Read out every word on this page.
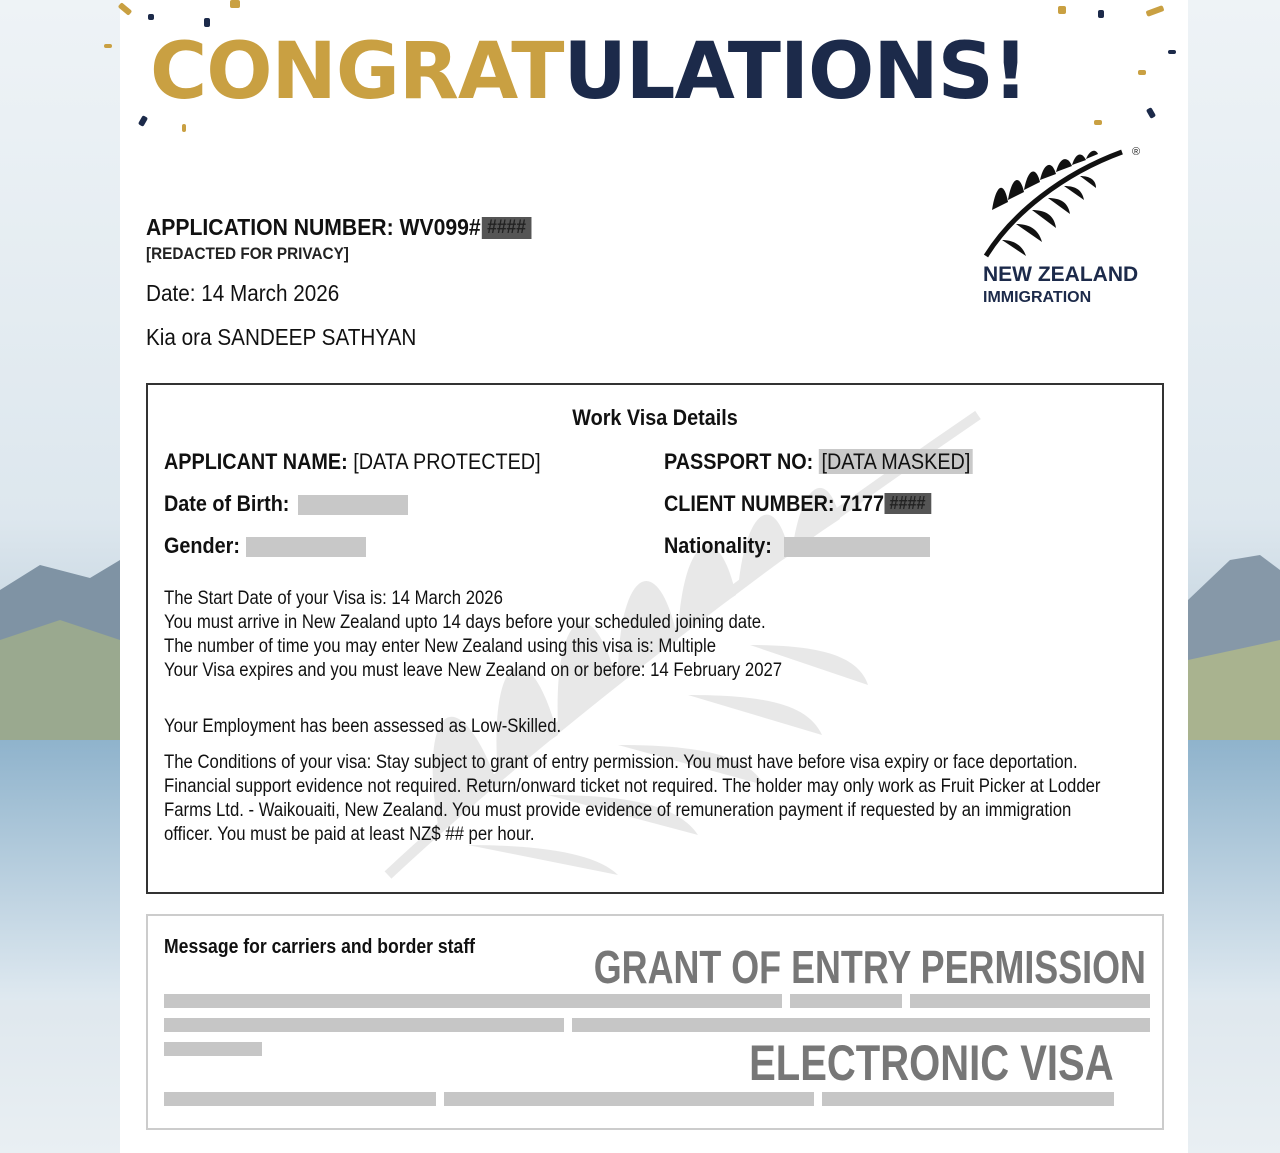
CONGRATULATIONS!
APPLICATION NUMBER: WV099# ####
[REDACTED FOR PRIVACY]
Date: 14 March 2026
Kia ora SANDEEP SATHYAN
®
NEW ZEALAND
IMMIGRATION
Work Visa Details
APPLICANT NAME: [DATA PROTECTED]	PASSPORT NO: [DATA MASKED]
Date of Birth:	CLIENT NUMBER: 7177 ####
Gender:	Nationality:

The Start Date of your Visa is: 14 March 2026

You must arrive in New Zealand upto 14 days before your scheduled joining date.

The number of time you may enter New Zealand using this visa is: Multiple

Your Visa expires and you must leave New Zealand on or before: 14 February 2027

Your Employment has been assessed as Low-Skilled.

The Conditions of your visa: Stay subject to grant of entry permission. You must have before visa expiry or face deportation.

Financial support evidence not required. Return/onward ticket not required. The holder may only work as Fruit Picker at Lodder

Farms Ltd. - Waikouaiti, New Zealand. You must provide evidence of remuneration payment if requested by an immigration

officer. You must be paid at least NZ$ ## per hour.

Message for carriers and border staff	GRANT OF ENTRY PERMISSION
ELECTRONIC VISA
